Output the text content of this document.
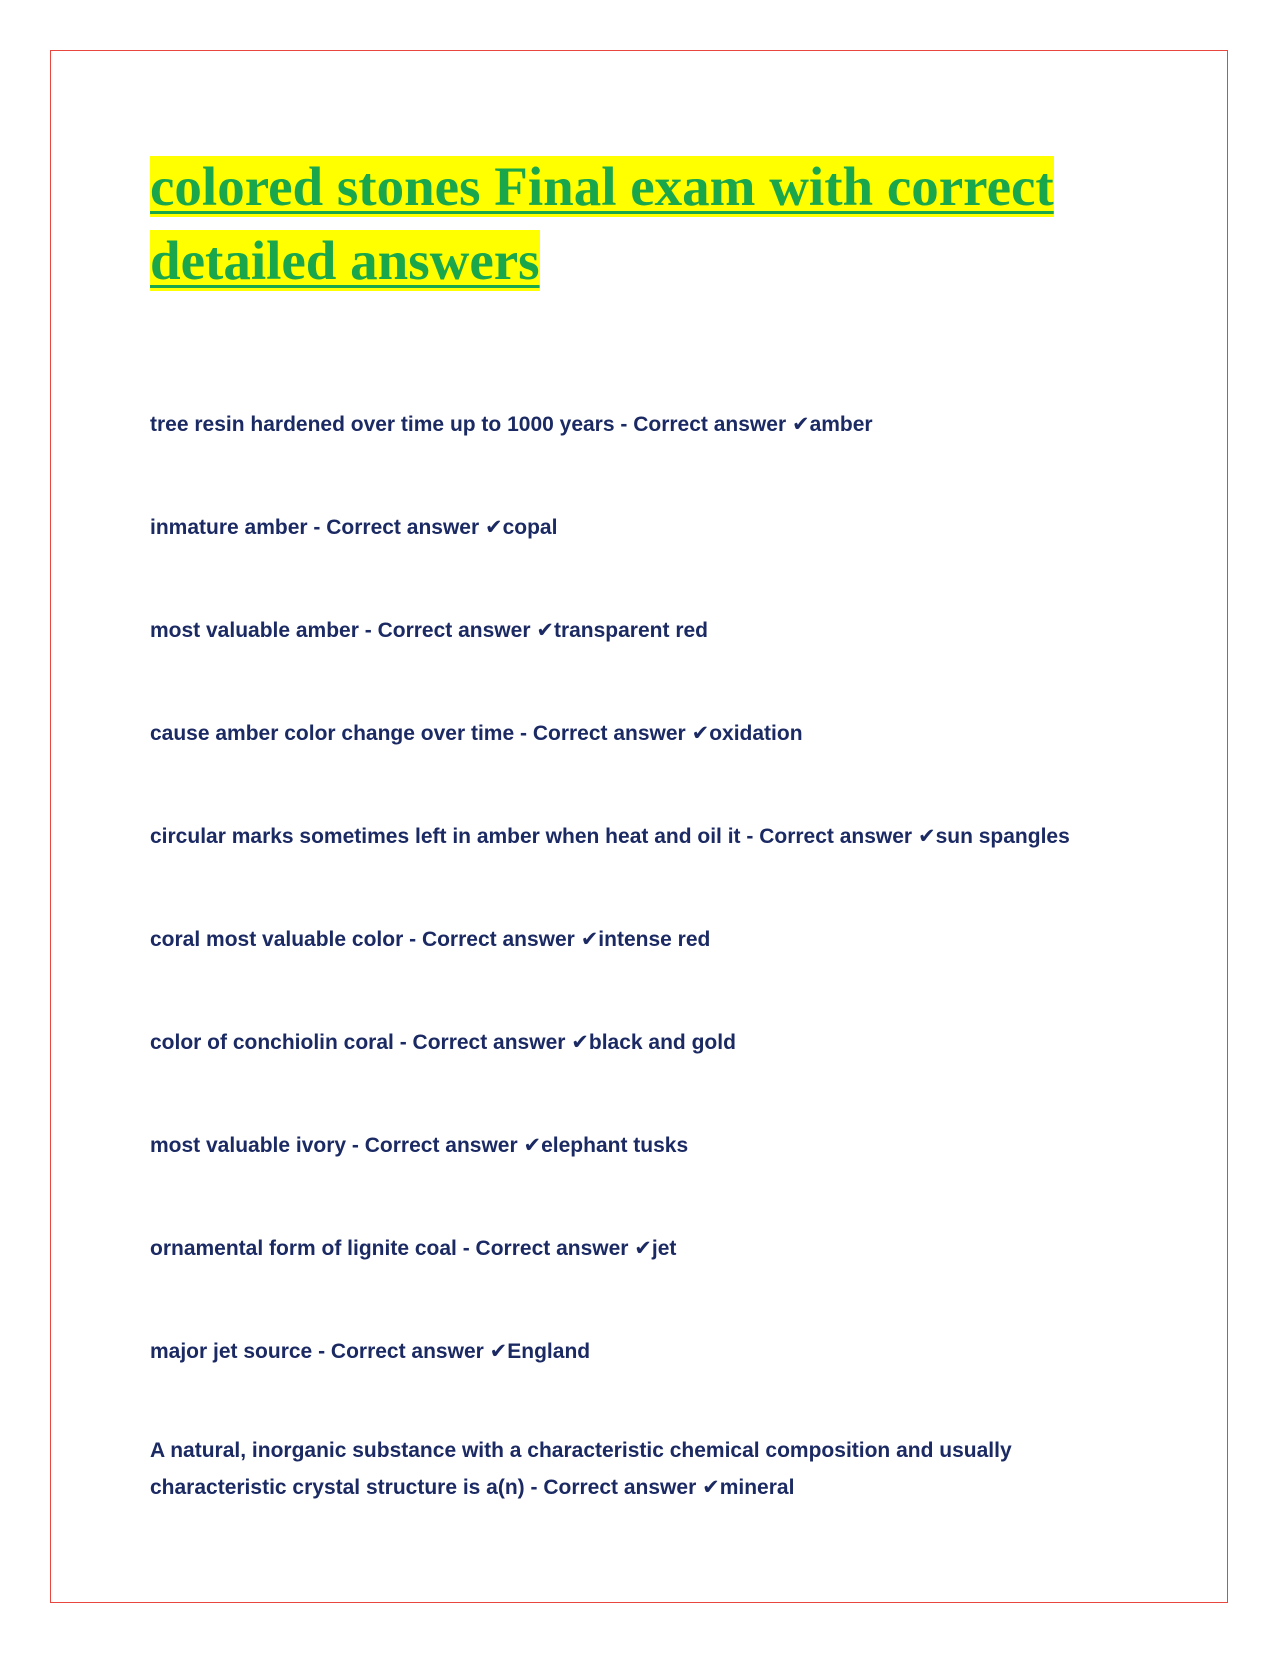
colored stones Final exam with correct
detailed answers

tree resin hardened over time up to 1000 years - Correct answer ✔amber

inmature amber - Correct answer ✔copal

most valuable amber - Correct answer ✔transparent red

cause amber color change over time - Correct answer ✔oxidation

circular marks sometimes left in amber when heat and oil it - Correct answer ✔sun spangles

coral most valuable color - Correct answer ✔intense red

color of conchiolin coral - Correct answer ✔black and gold

most valuable ivory - Correct answer ✔elephant tusks

ornamental form of lignite coal - Correct answer ✔jet

major jet source - Correct answer ✔England

A natural, inorganic substance with a characteristic chemical composition and usually characteristic crystal structure is a(n) - Correct answer ✔mineral
